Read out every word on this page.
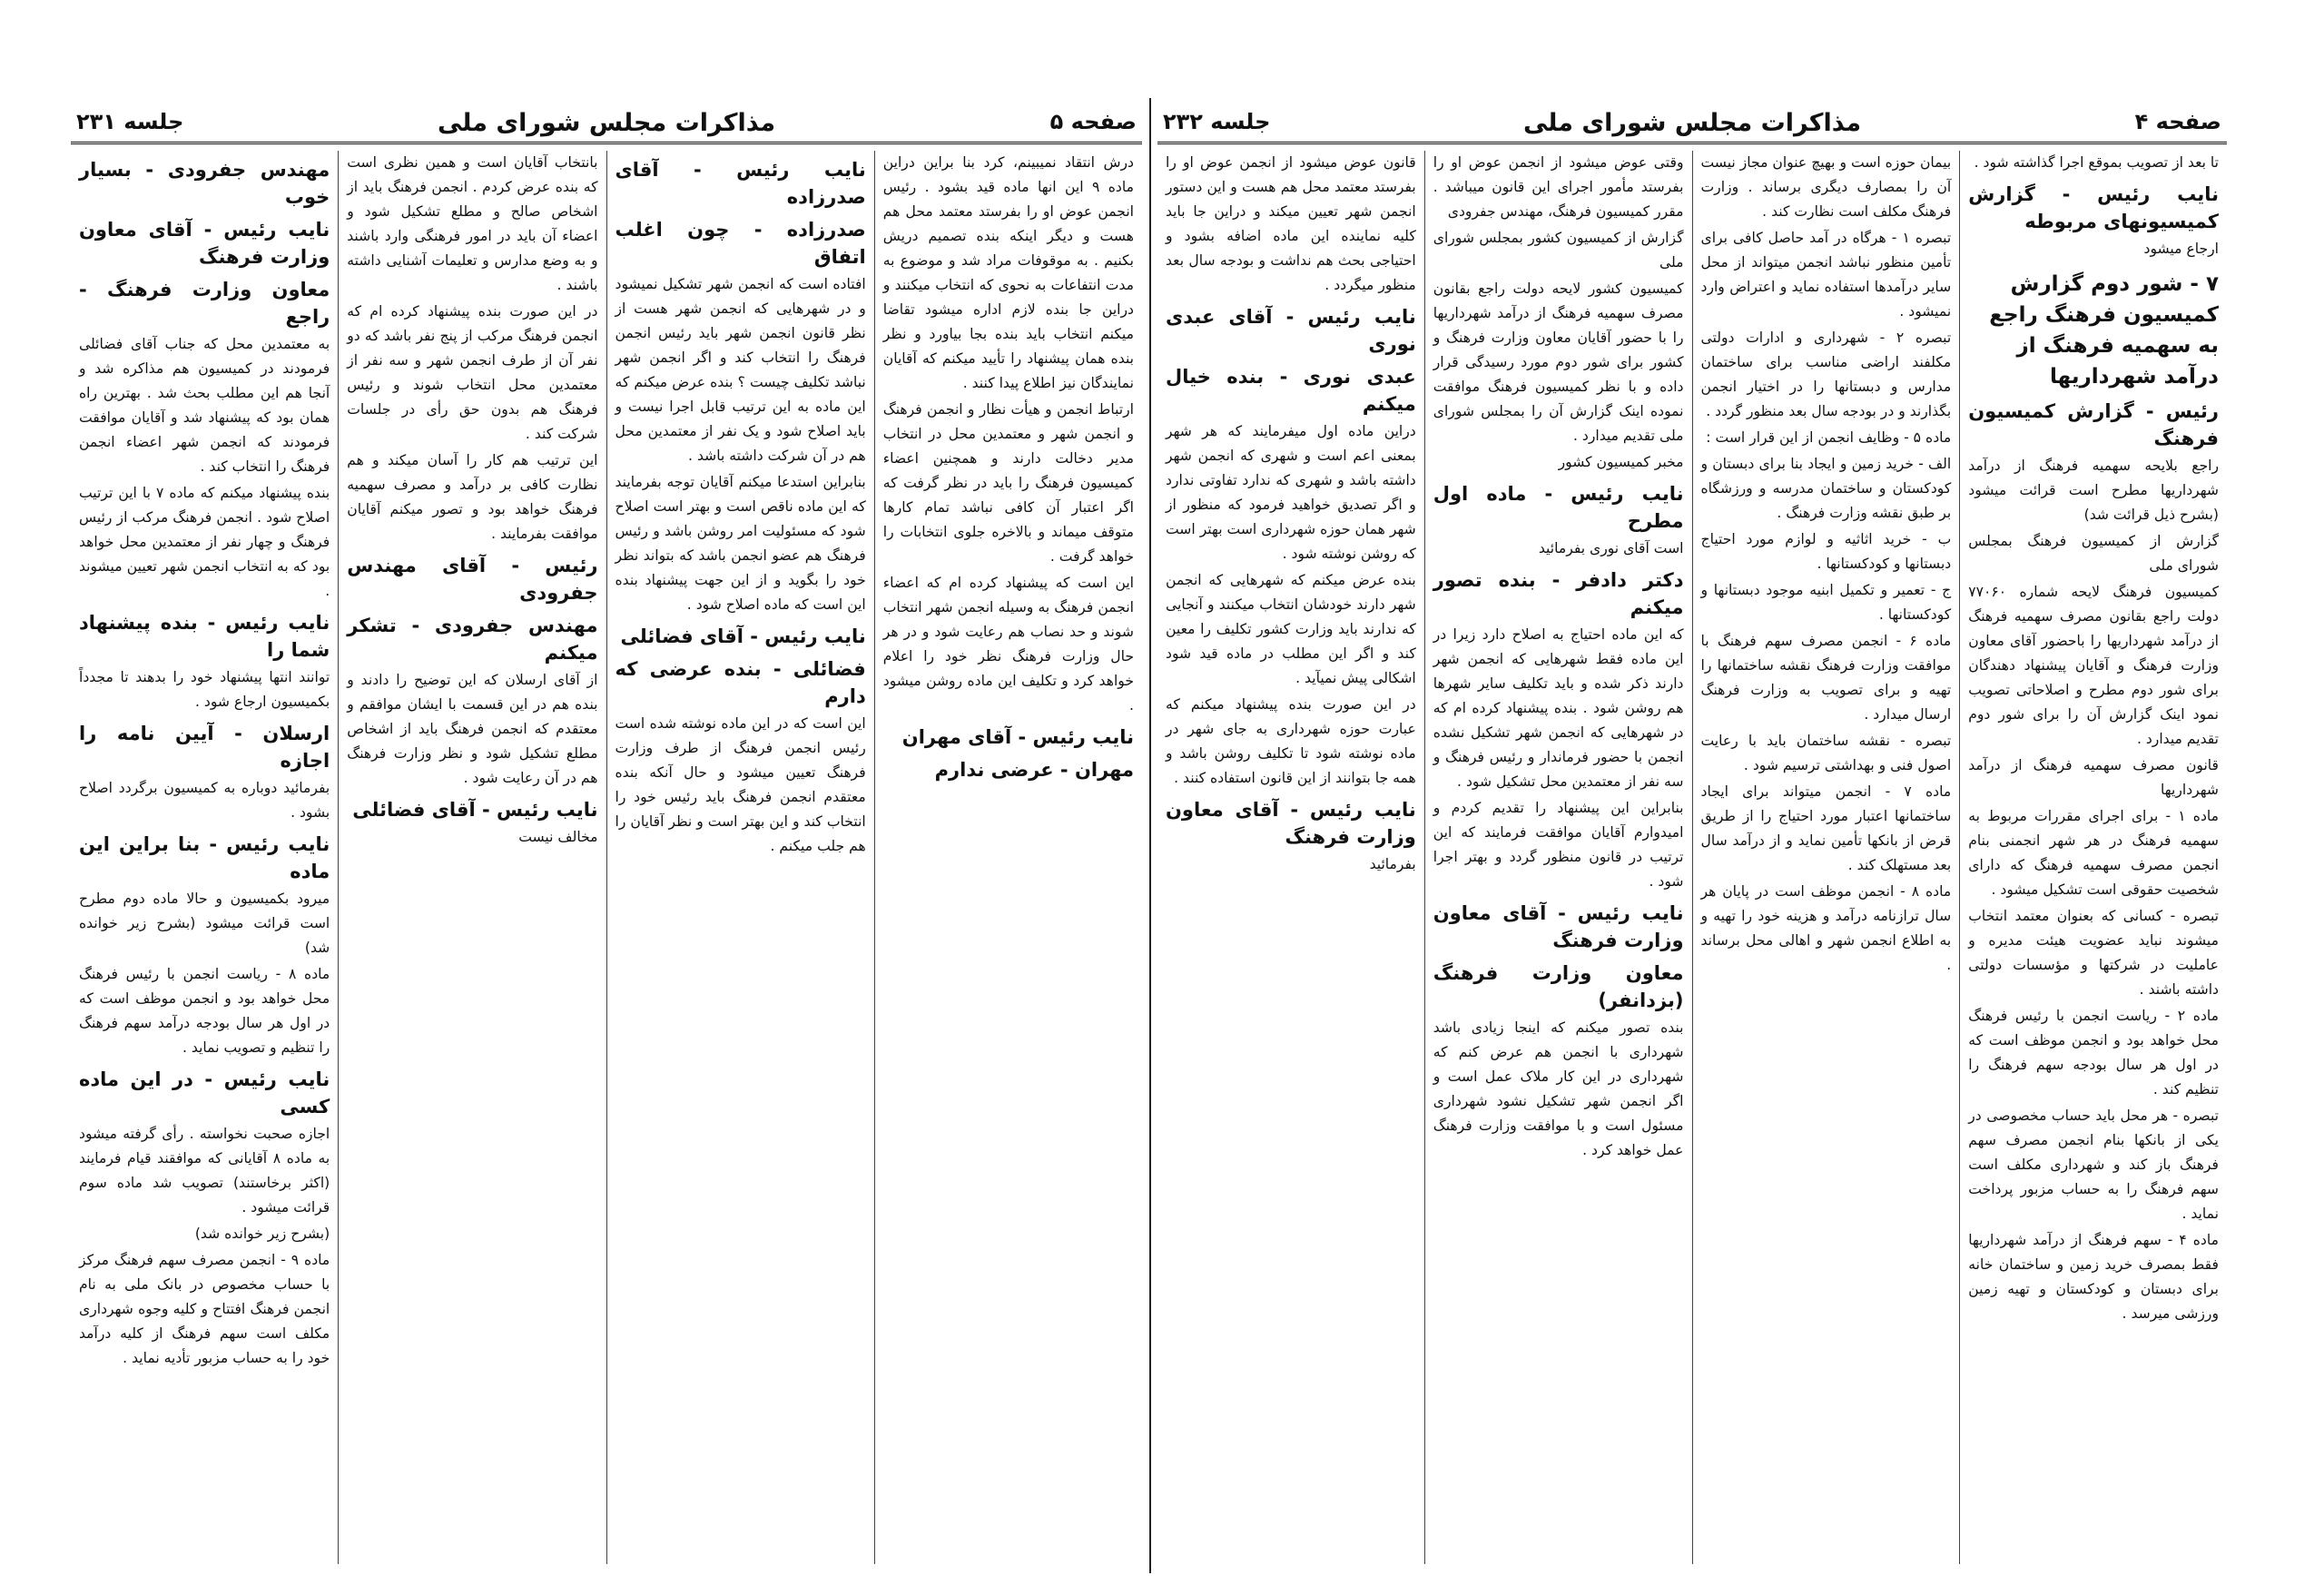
صفحه ۵
مذاکرات مجلس شورای ملی
جلسه ۲۳۱

درش انتقاد نمیبینم، کرد بنا براین دراین ماده ۹ این انها ماده قید بشود . رئیس انجمن عوض او را بفرستد معتمد محل هم هست و دیگر اینکه بنده تصمیم دریش بکنیم . به موقوفات مراد شد و موضوع به مدت انتفاعات به نحوی که انتخاب میکنند و دراین جا بنده لازم اداره میشود تقاضا میکنم انتخاب باید بنده بجا بیاورد و نظر بنده همان پیشنهاد را تأیید میکنم که آقایان نمایندگان نیز اطلاع پیدا کنند .

ارتباط انجمن و هیأت نظار و انجمن فرهنگ و انجمن شهر و معتمدین محل در انتخاب مدیر دخالت دارند و همچنین اعضاء کمیسیون فرهنگ را باید در نظر گرفت که اگر اعتبار آن کافی نباشد تمام کارها متوقف میماند و بالاخره جلوی انتخابات را خواهد گرفت .

این است که پیشنهاد کرده ام که اعضاء انجمن فرهنگ به وسیله انجمن شهر انتخاب شوند و حد نصاب هم رعایت شود و در هر حال وزارت فرهنگ نظر خود را اعلام خواهد کرد و تکلیف این ماده روشن میشود .

نایب رئیس - آقای مهران

مهران - عرضی ندارم

نایب رئیس - آقای صدرزاده

صدرزاده - چون اغلب اتفاق

افتاده است که انجمن شهر تشکیل نمیشود و در شهرهایی که انجمن شهر هست از نظر قانون انجمن شهر باید رئیس انجمن فرهنگ را انتخاب کند و اگر انجمن شهر نباشد تکلیف چیست ؟ بنده عرض میکنم که این ماده به این ترتیب قابل اجرا نیست و باید اصلاح شود و یک نفر از معتمدین محل هم در آن شرکت داشته باشد .

بنابراین استدعا میکنم آقایان توجه بفرمایند که این ماده ناقص است و بهتر است اصلاح شود که مسئولیت امر روشن باشد و رئیس فرهنگ هم عضو انجمن باشد که بتواند نظر خود را بگوید و از این جهت پیشنهاد بنده این است که ماده اصلاح شود .

نایب رئیس - آقای فضائلی

فضائلی - بنده عرضی که دارم

این است که در این ماده نوشته شده است رئیس انجمن فرهنگ از طرف وزارت فرهنگ تعیین میشود و حال آنکه بنده معتقدم انجمن فرهنگ باید رئیس خود را انتخاب کند و این بهتر است و نظر آقایان را هم جلب میکنم .

بانتخاب آقایان است و همین نظری است که بنده عرض کردم . انجمن فرهنگ باید از اشخاص صالح و مطلع تشکیل شود و اعضاء آن باید در امور فرهنگی وارد باشند و به وضع مدارس و تعلیمات آشنایی داشته باشند .

در این صورت بنده پیشنهاد کرده ام که انجمن فرهنگ مرکب از پنج نفر باشد که دو نفر آن از طرف انجمن شهر و سه نفر از معتمدین محل انتخاب شوند و رئیس فرهنگ هم بدون حق رأی در جلسات شرکت کند .

این ترتیب هم کار را آسان میکند و هم نظارت کافی بر درآمد و مصرف سهمیه فرهنگ خواهد بود و تصور میکنم آقایان موافقت بفرمایند .

رئیس - آقای مهندس جفرودی

مهندس جفرودی - تشکر میکنم

از آقای ارسلان که این توضیح را دادند و بنده هم در این قسمت با ایشان موافقم و معتقدم که انجمن فرهنگ باید از اشخاص مطلع تشکیل شود و نظر وزارت فرهنگ هم در آن رعایت شود .

نایب رئیس - آقای فضائلی

مخالف نیست

مهندس جفرودی - بسیار خوب

نایب رئیس - آقای معاون وزارت فرهنگ

معاون وزارت فرهنگ - راجع

به معتمدین محل که جناب آقای فضائلی فرمودند در کمیسیون هم مذاکره شد و آنجا هم این مطلب بحث شد . بهترین راه همان بود که پیشنهاد شد و آقایان موافقت فرمودند که انجمن شهر اعضاء انجمن فرهنگ را انتخاب کند .

بنده پیشنهاد میکنم که ماده ۷ با این ترتیب اصلاح شود . انجمن فرهنگ مرکب از رئیس فرهنگ و چهار نفر از معتمدین محل خواهد بود که به انتخاب انجمن شهر تعیین میشوند .

نایب رئیس - بنده پیشنهاد شما را

توانند انتها پیشنهاد خود را بدهند تا مجدداً بکمیسیون ارجاع شود .

ارسلان - آیین نامه را اجازه

بفرمائید دوباره به کمیسیون برگردد اصلاح بشود .

نایب رئیس - بنا براین این ماده

میرود بکمیسیون و حالا ماده دوم مطرح است قرائت میشود (بشرح زیر خوانده شد)

ماده ۸ - ریاست انجمن با رئیس فرهنگ محل خواهد بود و انجمن موظف است که در اول هر سال بودجه درآمد سهم فرهنگ را تنظیم و تصویب نماید .

نایب رئیس - در این ماده کسی

اجازه صحبت نخواسته . رأی گرفته میشود به ماده ۸ آقایانی که موافقند قیام فرمایند (اکثر برخاستند) تصویب شد ماده سوم قرائت میشود .

(بشرح زیر خوانده شد)

ماده ۹ - انجمن مصرف سهم فرهنگ مرکز با حساب مخصوص در بانک ملی به نام انجمن فرهنگ افتتاح و کلیه وجوه شهرداری مکلف است سهم فرهنگ از کلیه درآمد خود را به حساب مزبور تأدیه نماید .

صفحه ۴
مذاکرات مجلس شورای ملی
جلسه ۲۳۲

تا بعد از تصویب بموقع اجرا گذاشته شود .

نایب رئیس - گزارش کمیسیونهای مربوطه

ارجاع میشود

۷ - شور دوم گزارش کمیسیون فرهنگ راجع به سهمیه فرهنگ از درآمد شهرداریها

رئیس - گزارش کمیسیون فرهنگ

راجع بلایحه سهمیه فرهنگ از درآمد شهرداریها مطرح است قرائت میشود (بشرح ذیل قرائت شد)

گزارش از کمیسیون فرهنگ بمجلس شورای ملی

کمیسیون فرهنگ لایحه شماره ۷۷۰۶۰ دولت راجع بقانون مصرف سهمیه فرهنگ از درآمد شهرداریها را باحضور آقای معاون وزارت فرهنگ و آقایان پیشنهاد دهندگان برای شور دوم مطرح و اصلاحاتی تصویب نمود اینک گزارش آن را برای شور دوم تقدیم میدارد .

قانون مصرف سهمیه فرهنگ از درآمد شهرداریها

ماده ۱ - برای اجرای مقررات مربوط به سهمیه فرهنگ در هر شهر انجمنی بنام انجمن مصرف سهمیه فرهنگ که دارای شخصیت حقوقی است تشکیل میشود .

تبصره - کسانی که بعنوان معتمد انتخاب میشوند نباید عضویت هیئت مدیره و عاملیت در شرکتها و مؤسسات دولتی داشته باشند .

ماده ۲ - ریاست انجمن با رئیس فرهنگ محل خواهد بود و انجمن موظف است که در اول هر سال بودجه سهم فرهنگ را تنظیم کند .

تبصره - هر محل باید حساب مخصوصی در یکی از بانکها بنام انجمن مصرف سهم فرهنگ باز کند و شهرداری مکلف است سهم فرهنگ را به حساب مزبور پرداخت نماید .

ماده ۴ - سهم فرهنگ از درآمد شهرداریها فقط بمصرف خرید زمین و ساختمان خانه برای دبستان و کودکستان و تهیه زمین ورزشی میرسد .

بیمان حوزه است و بهیچ عنوان مجاز نیست آن را بمصارف دیگری برساند . وزارت فرهنگ مکلف است نظارت کند .

تبصره ۱ - هرگاه در آمد حاصل کافی برای تأمین منظور نباشد انجمن میتواند از محل سایر درآمدها استفاده نماید و اعتراض وارد نمیشود .

تبصره ۲ - شهرداری و ادارات دولتی مکلفند اراضی مناسب برای ساختمان مدارس و دبستانها را در اختیار انجمن بگذارند و در بودجه سال بعد منظور گردد .

ماده ۵ - وظایف انجمن از این قرار است :

الف - خرید زمین و ایجاد بنا برای دبستان و کودکستان و ساختمان مدرسه و ورزشگاه بر طبق نقشه وزارت فرهنگ .

ب - خرید اثاثیه و لوازم مورد احتیاج دبستانها و کودکستانها .

ج - تعمیر و تکمیل ابنیه موجود دبستانها و کودکستانها .

ماده ۶ - انجمن مصرف سهم فرهنگ با موافقت وزارت فرهنگ نقشه ساختمانها را تهیه و برای تصویب به وزارت فرهنگ ارسال میدارد .

تبصره - نقشه ساختمان باید با رعایت اصول فنی و بهداشتی ترسیم شود .

ماده ۷ - انجمن میتواند برای ایجاد ساختمانها اعتبار مورد احتیاج را از طریق قرض از بانکها تأمین نماید و از درآمد سال بعد مستهلک کند .

ماده ۸ - انجمن موظف است در پایان هر سال ترازنامه درآمد و هزینه خود را تهیه و به اطلاع انجمن شهر و اهالی محل برساند .

وقتی عوض میشود از انجمن عوض او را بفرستد مأمور اجرای این قانون میباشد . مقرر کمیسیون فرهنگ، مهندس جفرودی

گزارش از کمیسیون کشور بمجلس شورای ملی

کمیسیون کشور لایحه دولت راجع بقانون مصرف سهمیه فرهنگ از درآمد شهرداریها را با حضور آقایان معاون وزارت فرهنگ و کشور برای شور دوم مورد رسیدگی قرار داده و با نظر کمیسیون فرهنگ موافقت نموده اینک گزارش آن را بمجلس شورای ملی تقدیم میدارد .

مخبر کمیسیون کشور

نایب رئیس - ماده اول مطرح

است آقای نوری بفرمائید

دکتر دادفر - بنده تصور میکنم

که این ماده احتیاج به اصلاح دارد زیرا در این ماده فقط شهرهایی که انجمن شهر دارند ذکر شده و باید تکلیف سایر شهرها هم روشن شود . بنده پیشنهاد کرده ام که در شهرهایی که انجمن شهر تشکیل نشده انجمن با حضور فرماندار و رئیس فرهنگ و سه نفر از معتمدین محل تشکیل شود .

بنابراین این پیشنهاد را تقدیم کردم و امیدوارم آقایان موافقت فرمایند که این ترتیب در قانون منظور گردد و بهتر اجرا شود .

نایب رئیس - آقای معاون وزارت فرهنگ

معاون وزارت فرهنگ (بزدانفر)

بنده تصور میکنم که اینجا زیادی باشد شهرداری با انجمن هم عرض کنم که شهرداری در این کار ملاک عمل است و اگر انجمن شهر تشکیل نشود شهرداری مسئول است و با موافقت وزارت فرهنگ عمل خواهد کرد .

قانون عوض میشود از انجمن عوض او را بفرستد معتمد محل هم هست و این دستور انجمن شهر تعیین میکند و دراین جا باید کلیه نماینده این ماده اضافه بشود و احتیاجی بحث هم نداشت و بودجه سال بعد منظور میگردد .

نایب رئیس - آقای عبدی نوری

عبدی نوری - بنده خیال میکنم

دراین ماده اول میفرمایند که هر شهر بمعنی اعم است و شهری که انجمن شهر داشته باشد و شهری که ندارد تفاوتی ندارد و اگر تصدیق خواهید فرمود که منظور از شهر همان حوزه شهرداری است بهتر است که روشن نوشته شود .

بنده عرض میکنم که شهرهایی که انجمن شهر دارند خودشان انتخاب میکنند و آنجایی که ندارند باید وزارت کشور تکلیف را معین کند و اگر این مطلب در ماده قید شود اشکالی پیش نمیآید .

در این صورت بنده پیشنهاد میکنم که عبارت حوزه شهرداری به جای شهر در ماده نوشته شود تا تکلیف روشن باشد و همه جا بتوانند از این قانون استفاده کنند .

نایب رئیس - آقای معاون وزارت فرهنگ

بفرمائید
